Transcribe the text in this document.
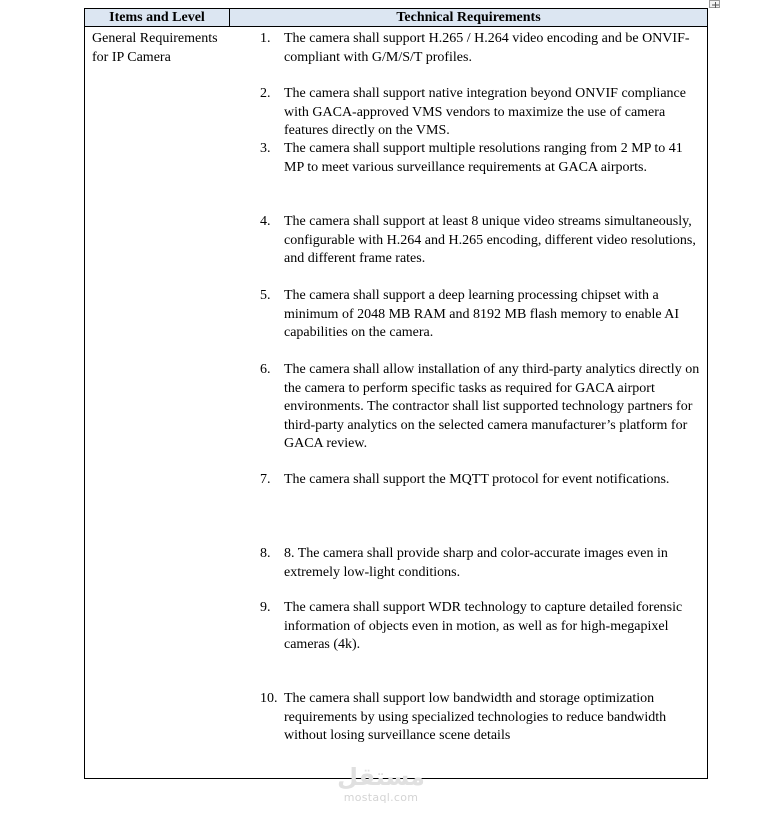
Items and Level	Technical Requirements
General Requirements for IP Camera
1. The camera shall support H.265 / H.264 video encoding and be ONVIF-compliant with G/M/S/T profiles.
2. The camera shall support native integration beyond ONVIF compliance with GACA-approved VMS vendors to maximize the use of camera features directly on the VMS.
3. The camera shall support multiple resolutions ranging from 2 MP to 41 MP to meet various surveillance requirements at GACA airports.
4. The camera shall support at least 8 unique video streams simultaneously, configurable with H.264 and H.265 encoding, different video resolutions, and different frame rates.
5. The camera shall support a deep learning processing chipset with a minimum of 2048 MB RAM and 8192 MB flash memory to enable AI capabilities on the camera.
6. The camera shall allow installation of any third-party analytics directly on the camera to perform specific tasks as required for GACA airport environments. The contractor shall list supported technology partners for third-party analytics on the selected camera manufacturer’s platform for GACA review.
7. The camera shall support the MQTT protocol for event notifications.
8. 8. The camera shall provide sharp and color-accurate images even in extremely low-light conditions.
9. The camera shall support WDR technology to capture detailed forensic information of objects even in motion, as well as for high-megapixel cameras (4k).
10. The camera shall support low bandwidth and storage optimization requirements by using specialized technologies to reduce bandwidth without losing surveillance scene details
مستقل
mostaql.com
